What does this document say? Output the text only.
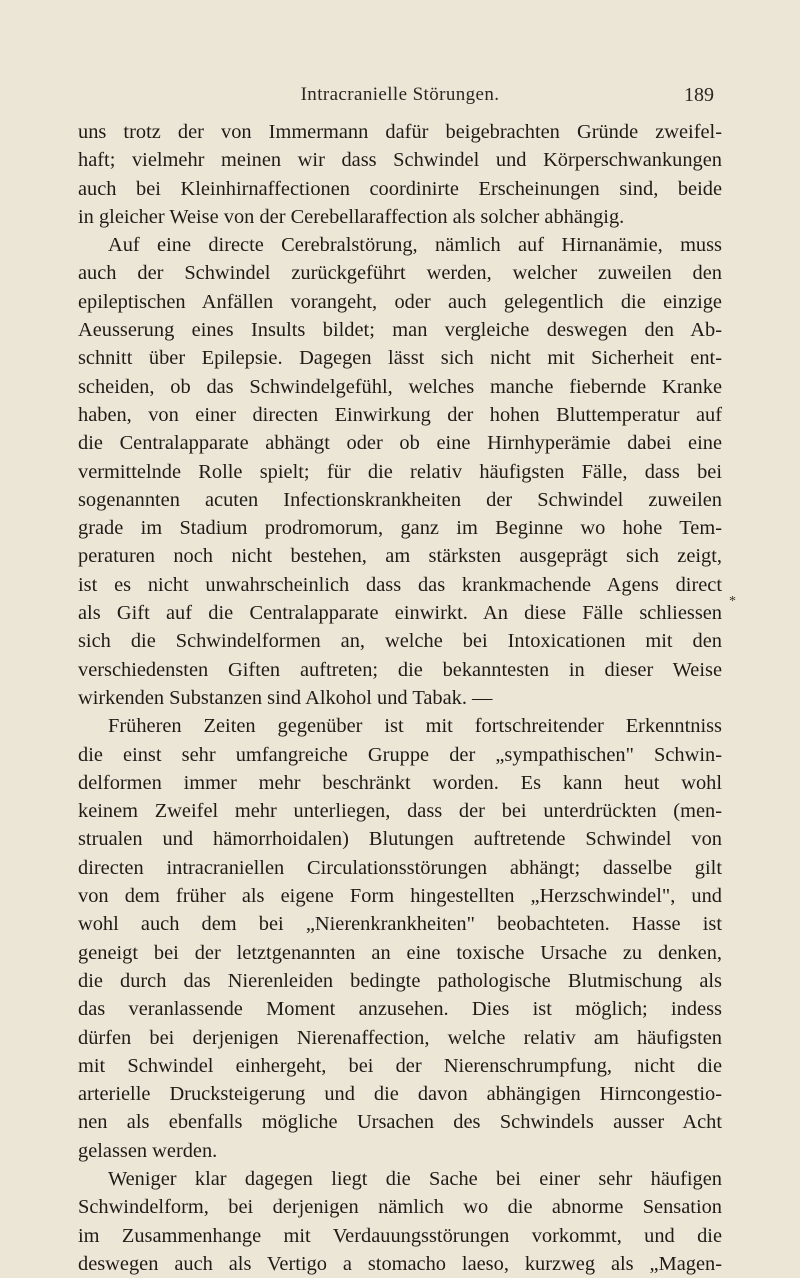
Intracranielle Störungen.	189
uns trotz der von Immermann dafür beigebrachten Gründe zweifel-
haft; vielmehr meinen wir dass Schwindel und Körperschwankungen
auch bei Kleinhirnaffectionen coordinirte Erscheinungen sind, beide
in gleicher Weise von der Cerebellaraffection als solcher abhängig.
Auf eine directe Cerebralstörung, nämlich auf Hirnanämie, muss
auch der Schwindel zurückgeführt werden, welcher zuweilen den
epileptischen Anfällen vorangeht, oder auch gelegentlich die einzige
Aeusserung eines Insults bildet; man vergleiche deswegen den Ab-
schnitt über Epilepsie. Dagegen lässt sich nicht mit Sicherheit ent-
scheiden, ob das Schwindelgefühl, welches manche fiebernde Kranke
haben, von einer directen Einwirkung der hohen Bluttemperatur auf
die Centralapparate abhängt oder ob eine Hirnhyperämie dabei eine
vermittelnde Rolle spielt; für die relativ häufigsten Fälle, dass bei
sogenannten acuten Infectionskrankheiten der Schwindel zuweilen
grade im Stadium prodromorum, ganz im Beginne wo hohe Tem-
peraturen noch nicht bestehen, am stärksten ausgeprägt sich zeigt,
ist es nicht unwahrscheinlich dass das krankmachende Agens direct
als Gift auf die Centralapparate einwirkt. An diese Fälle schliessen
sich die Schwindelformen an, welche bei Intoxicationen mit den
verschiedensten Giften auftreten; die bekanntesten in dieser Weise
wirkenden Substanzen sind Alkohol und Tabak. —
Früheren Zeiten gegenüber ist mit fortschreitender Erkenntniss
die einst sehr umfangreiche Gruppe der „sympathischen" Schwin-
delformen immer mehr beschränkt worden. Es kann heut wohl
keinem Zweifel mehr unterliegen, dass der bei unterdrückten (men-
strualen und hämorrhoidalen) Blutungen auftretende Schwindel von
directen intracraniellen Circulationsstörungen abhängt; dasselbe gilt
von dem früher als eigene Form hingestellten „Herzschwindel", und
wohl auch dem bei „Nierenkrankheiten" beobachteten. Hasse ist
geneigt bei der letztgenannten an eine toxische Ursache zu denken,
die durch das Nierenleiden bedingte pathologische Blutmischung als
das veranlassende Moment anzusehen. Dies ist möglich; indess
dürfen bei derjenigen Nierenaffection, welche relativ am häufigsten
mit Schwindel einhergeht, bei der Nierenschrumpfung, nicht die
arterielle Drucksteigerung und die davon abhängigen Hirncongestio-
nen als ebenfalls mögliche Ursachen des Schwindels ausser Acht
gelassen werden.
Weniger klar dagegen liegt die Sache bei einer sehr häufigen
Schwindelform, bei derjenigen nämlich wo die abnorme Sensation
im Zusammenhange mit Verdauungsstörungen vorkommt, und die
deswegen auch als Vertigo a stomacho laeso, kurzweg als „Magen-
*
